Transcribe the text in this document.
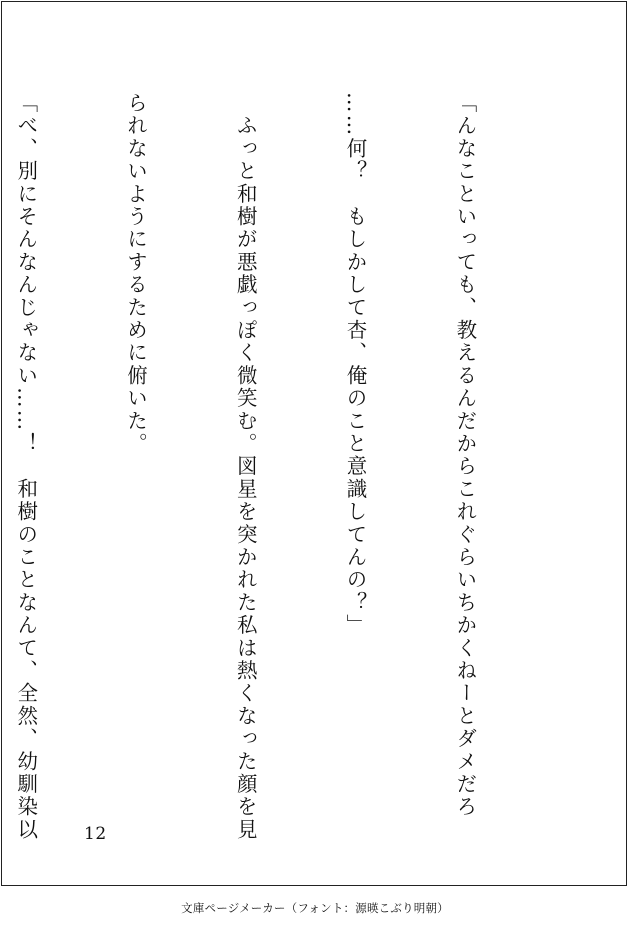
「んなこといっても、教えるんだからこれぐらいちかくねーとダメだろ

……何？　もしかして杏、俺のこと意識してんの？」

　ふっと和樹が悪戯っぽく微笑む。図星を突かれた私は熱くなった顔を見

られないようにするために俯いた。

「べ、別にそんなんじゃない……！　和樹のことなんて、全然、幼馴染以

	12
文庫ページメーカー（フォント：源暎こぶり明朝）
